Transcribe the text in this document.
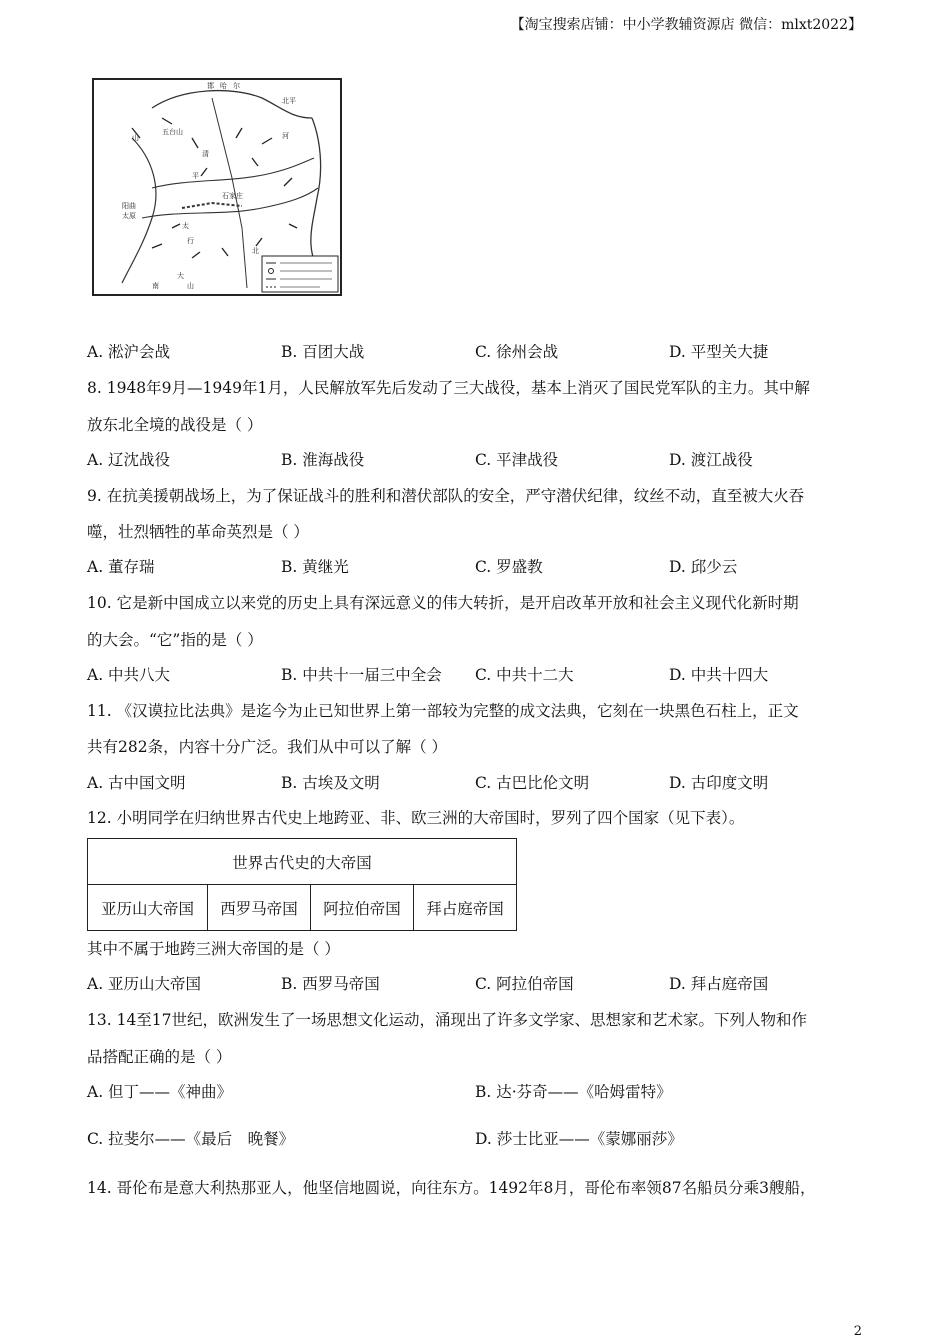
【淘宝搜索店铺：中小学教辅资源店 微信：mlxt2022】
邯 哈 尔
北平
山
五台山
清
阳曲
太原
石家庄
平
太
行
河
南
大
山
北
A. 淞沪会战	B. 百团大战	C. 徐州会战	D. 平型关大捷
8. 1948年9月—1949年1月，人民解放军先后发动了三大战役，基本上消灭了国民党军队的主力。其中解
放东北全境的战役是（ ）
A. 辽沈战役	B. 淮海战役	C. 平津战役	D. 渡江战役
9. 在抗美援朝战场上，为了保证战斗的胜利和潜伏部队的安全，严守潜伏纪律，纹丝不动，直至被大火吞
噬，壮烈牺牲的革命英烈是（ ）
A. 董存瑞	B. 黄继光	C. 罗盛教	D. 邱少云
10. 它是新中国成立以来党的历史上具有深远意义的伟大转折，是开启改革开放和社会主义现代化新时期
的大会。“它”指的是（ ）
A. 中共八大	B. 中共十一届三中全会 C. 中共十二大	D. 中共十四大
11. 《汉谟拉比法典》是迄今为止已知世界上第一部较为完整的成文法典，它刻在一块黑色石柱上，正文
共有282条，内容十分广泛。我们从中可以了解（ ）
A. 古中国文明	B. 古埃及文明	C. 古巴比伦文明	D. 古印度文明
12. 小明同学在归纳世界古代史上地跨亚、非、欧三洲的大帝国时，罗列了四个国家（见下表）。
世界古代史的大帝国
亚历山大帝国	西罗马帝国	阿拉伯帝国	拜占庭帝国
其中不属于地跨三洲大帝国的是（ ）
A. 亚历山大帝国	B. 西罗马帝国	C. 阿拉伯帝国	D. 拜占庭帝国
13. 14至17世纪，欧洲发生了一场思想文化运动，涌现出了许多文学家、思想家和艺术家。下列人物和作
品搭配正确的是（ ）
A. 但丁——《神曲》	B. 达·芬奇——《哈姆雷特》
C. 拉斐尔——《最后　晚餐》	D. 莎士比亚——《蒙娜丽莎》
14. 哥伦布是意大利热那亚人，他坚信地圆说，向往东方。1492年8月，哥伦布率领87名船员分乘3艘船，
2
